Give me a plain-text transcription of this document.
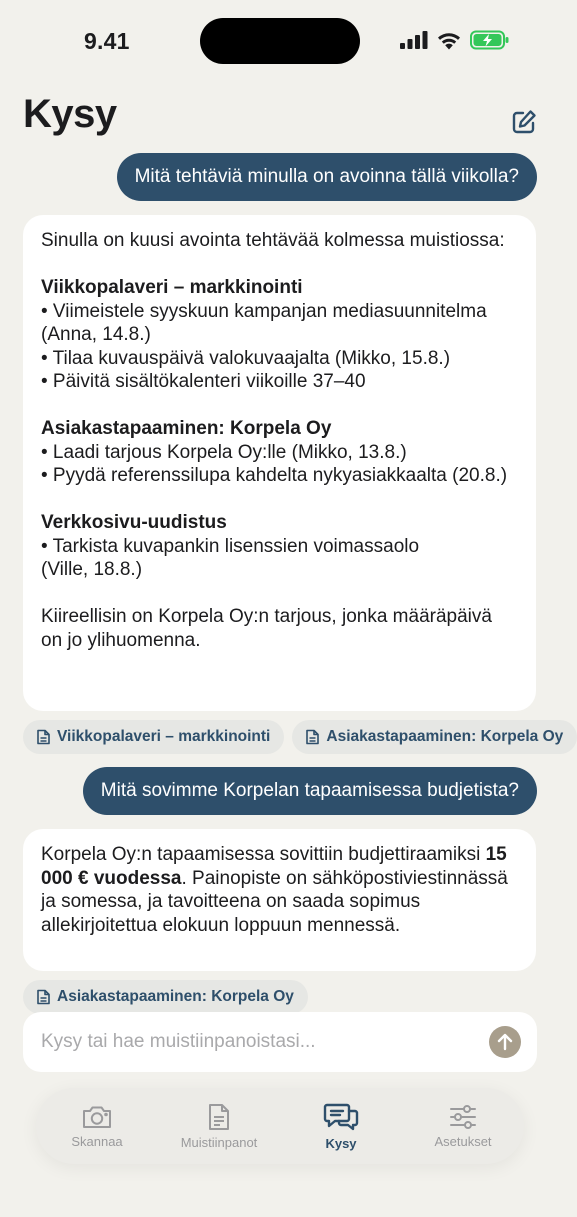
9.41
Kysy
Mitä tehtäviä minulla on avoinna tällä viikolla?

Sinulla on kuusi avointa tehtävää kolmessa muistiossa:

Viikkopalaveri – markkinointi

• Viimeistele syyskuun kampanjan mediasuunnitelma (Anna, 14.8.)

• Tilaa kuvauspäivä valokuvaajalta (Mikko, 15.8.)

• Päivitä sisältökalenteri viikoille 37–40

Asiakastapaaminen: Korpela Oy

• Laadi tarjous Korpela Oy:lle (Mikko, 13.8.)

• Pyydä referenssilupa kahdelta nykyasiakkaalta (20.8.)

Verkkosivu-uudistus

• Tarkista kuvapankin lisenssien voimassaolo (Ville, 18.8.)

Kiireellisin on Korpela Oy:n tarjous, jonka määräpäivä on jo ylihuomenna.

Viikkopalaveri – markkinointi	Asiakastapaaminen: Korpela Oy
Mitä sovimme Korpelan tapaamisessa budjetista?

Korpela Oy:n tapaamisessa sovittiin budjettiraamiksi 15 000 € vuodessa. Painopiste on sähköpostiviestinnässä ja somessa, ja tavoitteena on saada sopimus allekirjoitettua elokuun loppuun mennessä.

Asiakastapaaminen: Korpela Oy
Kysy tai hae muistiinpanoistasi...
Skannaa	Muistiinpanot	Kysy	Asetukset
